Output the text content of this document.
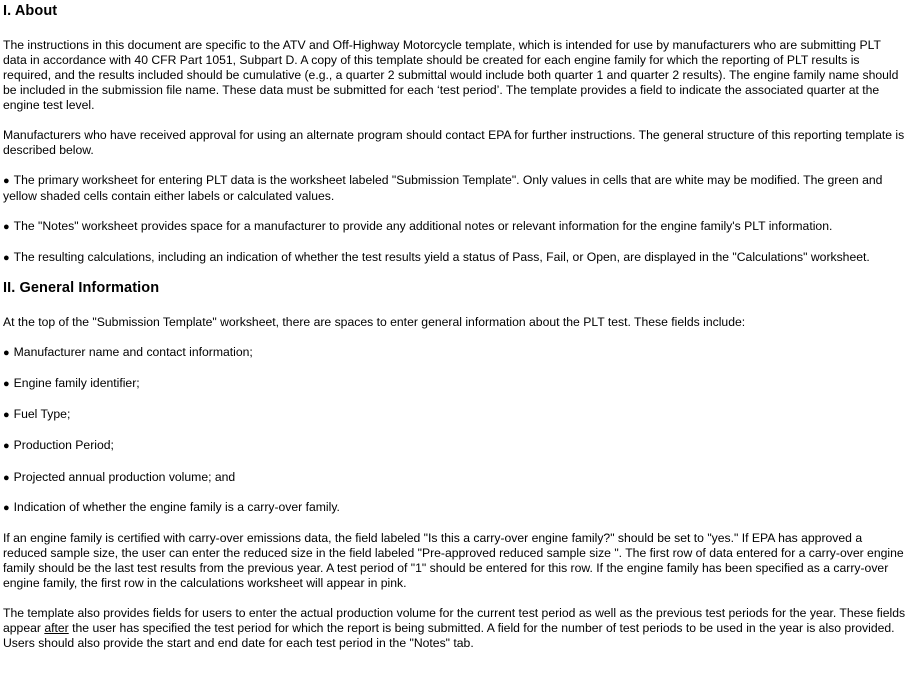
I. About

The instructions in this document are specific to the ATV and Off-Highway Motorcycle template, which is intended for use by manufacturers who are submitting PLT data in accordance with 40 CFR Part 1051, Subpart D. A copy of this template should be created for each engine family for which the reporting of PLT results is required, and the results included should be cumulative (e.g., a quarter 2 submittal would include both quarter 1 and quarter 2 results). The engine family name should be included in the submission file name. These data must be submitted for each ‘test period’. The template provides a field to indicate the associated quarter at the engine test level.

Manufacturers who have received approval for using an alternate program should contact EPA for further instructions. The general structure of this reporting template is described below.

● The primary worksheet for entering PLT data is the worksheet labeled "Submission Template". Only values in cells that are white may be modified. The green and yellow shaded cells contain either labels or calculated values.

● The "Notes" worksheet provides space for a manufacturer to provide any additional notes or relevant information for the engine family's PLT information.

● The resulting calculations, including an indication of whether the test results yield a status of Pass, Fail, or Open, are displayed in the "Calculations" worksheet.

II. General Information

At the top of the "Submission Template" worksheet, there are spaces to enter general information about the PLT test. These fields include:

● Manufacturer name and contact information;

● Engine family identifier;

● Fuel Type;

● Production Period;

● Projected annual production volume; and

● Indication of whether the engine family is a carry-over family.

If an engine family is certified with carry-over emissions data, the field labeled "Is this a carry-over engine family?" should be set to "yes." If EPA has approved a reduced sample size, the user can enter the reduced size in the field labeled "Pre-approved reduced sample size ". The first row of data entered for a carry-over engine family should be the last test results from the previous year. A test period of "1" should be entered for this row. If the engine family has been specified as a carry-over engine family, the first row in the calculations worksheet will appear in pink.

The template also provides fields for users to enter the actual production volume for the current test period as well as the previous test periods for the year. These fields appear after the user has specified the test period for which the report is being submitted. A field for the number of test periods to be used in the year is also provided. Users should also provide the start and end date for each test period in the "Notes" tab.
